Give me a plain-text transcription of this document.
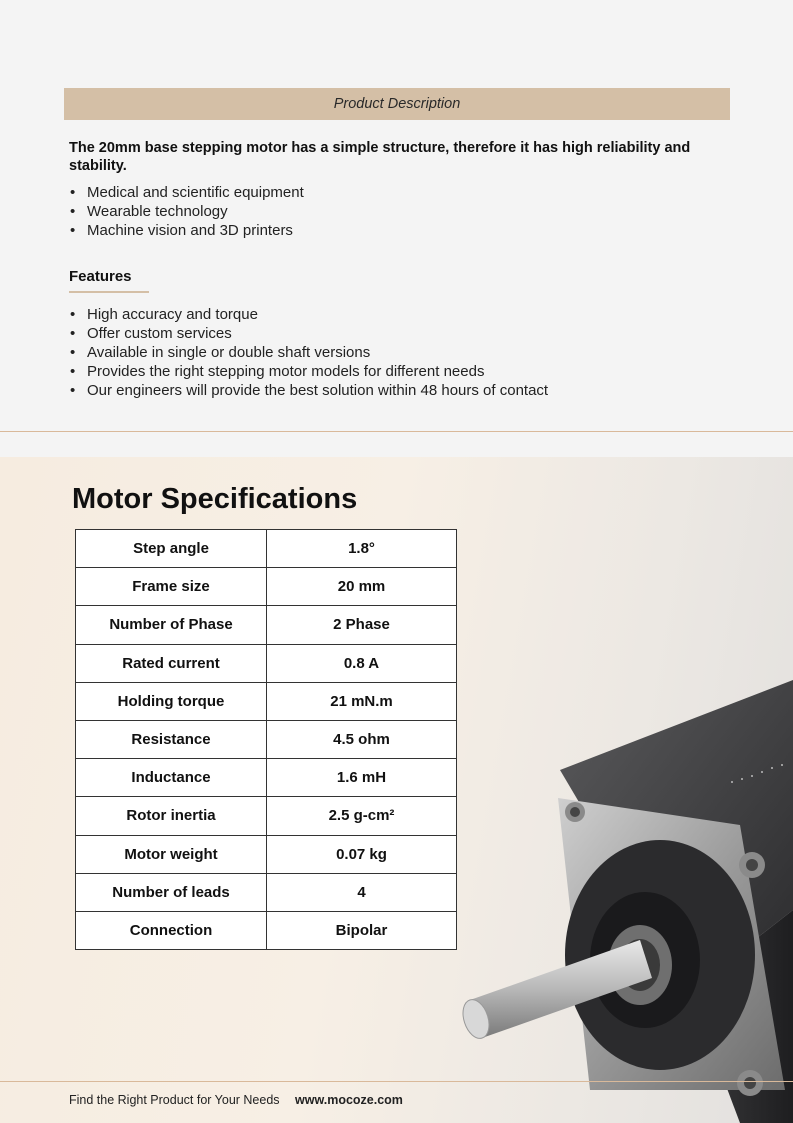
Product Description
The 20mm base stepping motor has a simple structure, therefore it has high reliability and stability.
• Medical and scientific equipment
• Wearable technology
• Machine vision and 3D printers
Features
• High accuracy and torque
• Offer custom services
• Available in single or double shaft versions
• Provides the right stepping motor models for different needs
• Our engineers will provide the best solution within 48 hours of contact
Motor Specifications
Step angle	1.8°
Frame size	20 mm
Number of Phase	2 Phase
Rated current	0.8 A
Holding torque	21 mN.m
Resistance	4.5 ohm
Inductance	1.6 mH
Rotor inertia	2.5 g-cm²
Motor weight	0.07 kg
Number of leads	4
Connection	Bipolar
Find the Right Product for Your Needs www.mocoze.com
